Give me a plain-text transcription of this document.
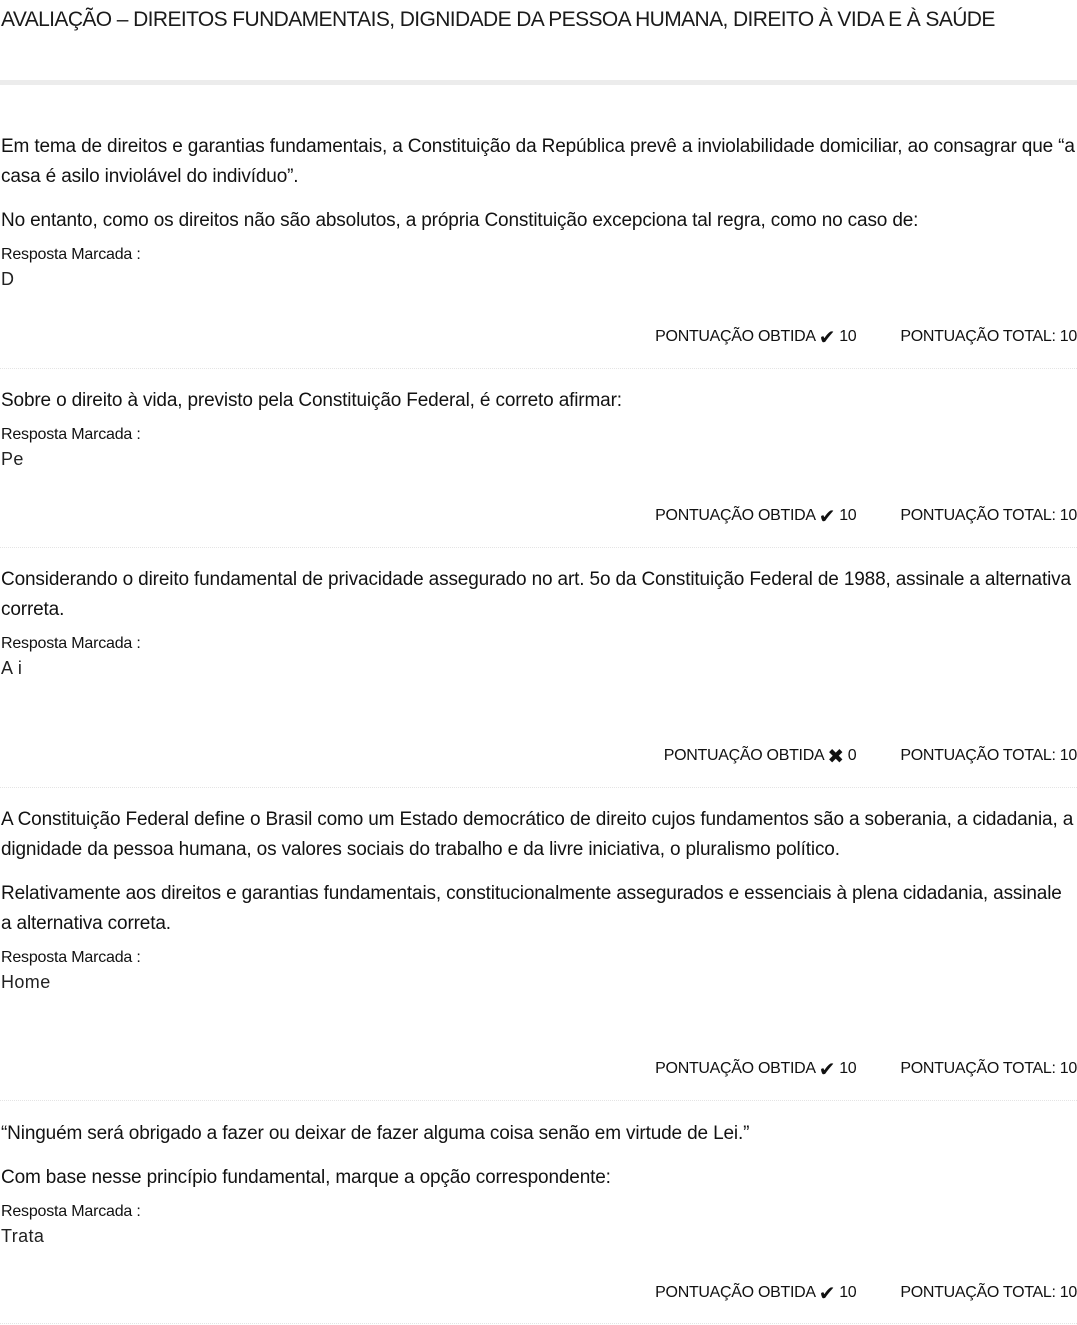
AVALIAÇÃO – DIREITOS FUNDAMENTAIS, DIGNIDADE DA PESSOA HUMANA, DIREITO À VIDA E À SAÚDE

Em tema de direitos e garantias fundamentais, a Constituição da República prevê a inviolabilidade domiciliar, ao consagrar que “a casa é asilo inviolável do indivíduo”.

No entanto, como os direitos não são absolutos, a própria Constituição excepciona tal regra, como no caso de:

Resposta Marcada :
D
PONTUAÇÃO OBTIDA ✔ 10	PONTUAÇÃO TOTAL:
10

Sobre o direito à vida, previsto pela Constituição Federal, é correto afirmar:

Resposta Marcada :
Pe
PONTUAÇÃO OBTIDA ✔ 10	PONTUAÇÃO TOTAL:
10

Considerando o direito fundamental de privacidade assegurado no art. 5o da Constituição Federal de 1988, assinale a alternativa correta.

Resposta Marcada :
A i
PONTUAÇÃO OBTIDA ✖ 0	PONTUAÇÃO TOTAL:
10

A Constituição Federal define o Brasil como um Estado democrático de direito cujos fundamentos são a soberania, a cidadania, a dignidade da pessoa humana, os valores sociais do trabalho e da livre iniciativa, o pluralismo político.

Relativamente aos direitos e garantias fundamentais, constitucionalmente assegurados e essenciais à plena cidadania, assinale a alternativa correta.

Resposta Marcada :
Home
PONTUAÇÃO OBTIDA ✔ 10	PONTUAÇÃO TOTAL:
10

“Ninguém será obrigado a fazer ou deixar de fazer alguma coisa senão em virtude de Lei.”

Com base nesse princípio fundamental, marque a opção correspondente:

Resposta Marcada :
Trata
PONTUAÇÃO OBTIDA ✔ 10	PONTUAÇÃO TOTAL:
10
